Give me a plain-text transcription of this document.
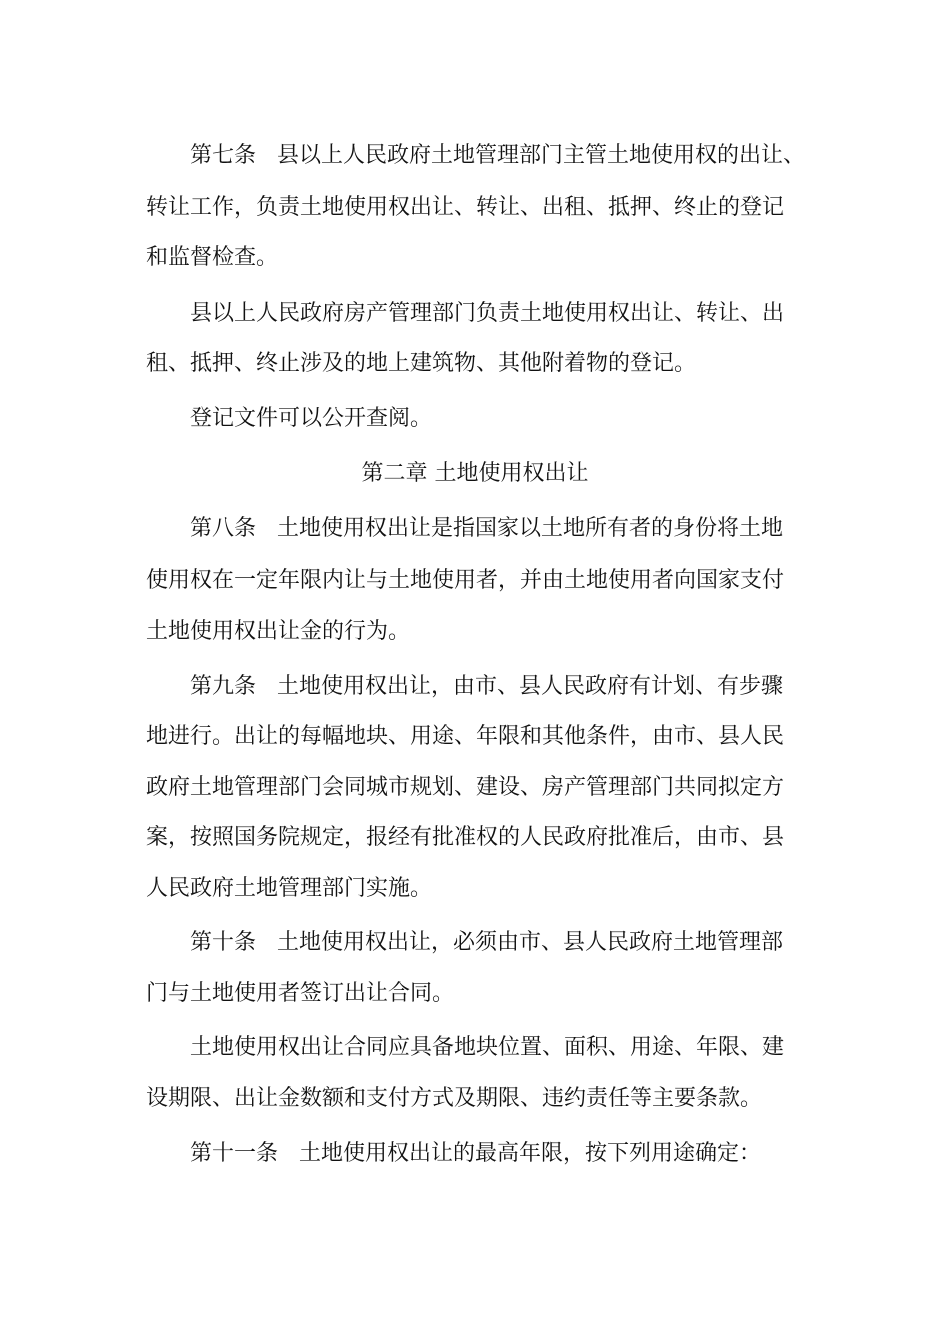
第七条   县以上人民政府土地管理部门主管土地使用权的出让、
转让工作，负责土地使用权出让、转让、出租、抵押、终止的登记
和监督检查。
县以上人民政府房产管理部门负责土地使用权出让、转让、出
租、抵押、终止涉及的地上建筑物、其他附着物的登记。
登记文件可以公开查阅。
第二章 土地使用权出让
第八条   土地使用权出让是指国家以土地所有者的身份将土地
使用权在一定年限内让与土地使用者，并由土地使用者向国家支付
土地使用权出让金的行为。
第九条   土地使用权出让，由市、县人民政府有计划、有步骤
地进行。出让的每幅地块、用途、年限和其他条件，由市、县人民
政府土地管理部门会同城市规划、建设、房产管理部门共同拟定方
案，按照国务院规定，报经有批准权的人民政府批准后，由市、县
人民政府土地管理部门实施。
第十条   土地使用权出让，必须由市、县人民政府土地管理部
门与土地使用者签订出让合同。
土地使用权出让合同应具备地块位置、面积、用途、年限、建
设期限、出让金数额和支付方式及期限、违约责任等主要条款。
第十一条   土地使用权出让的最高年限，按下列用途确定：
